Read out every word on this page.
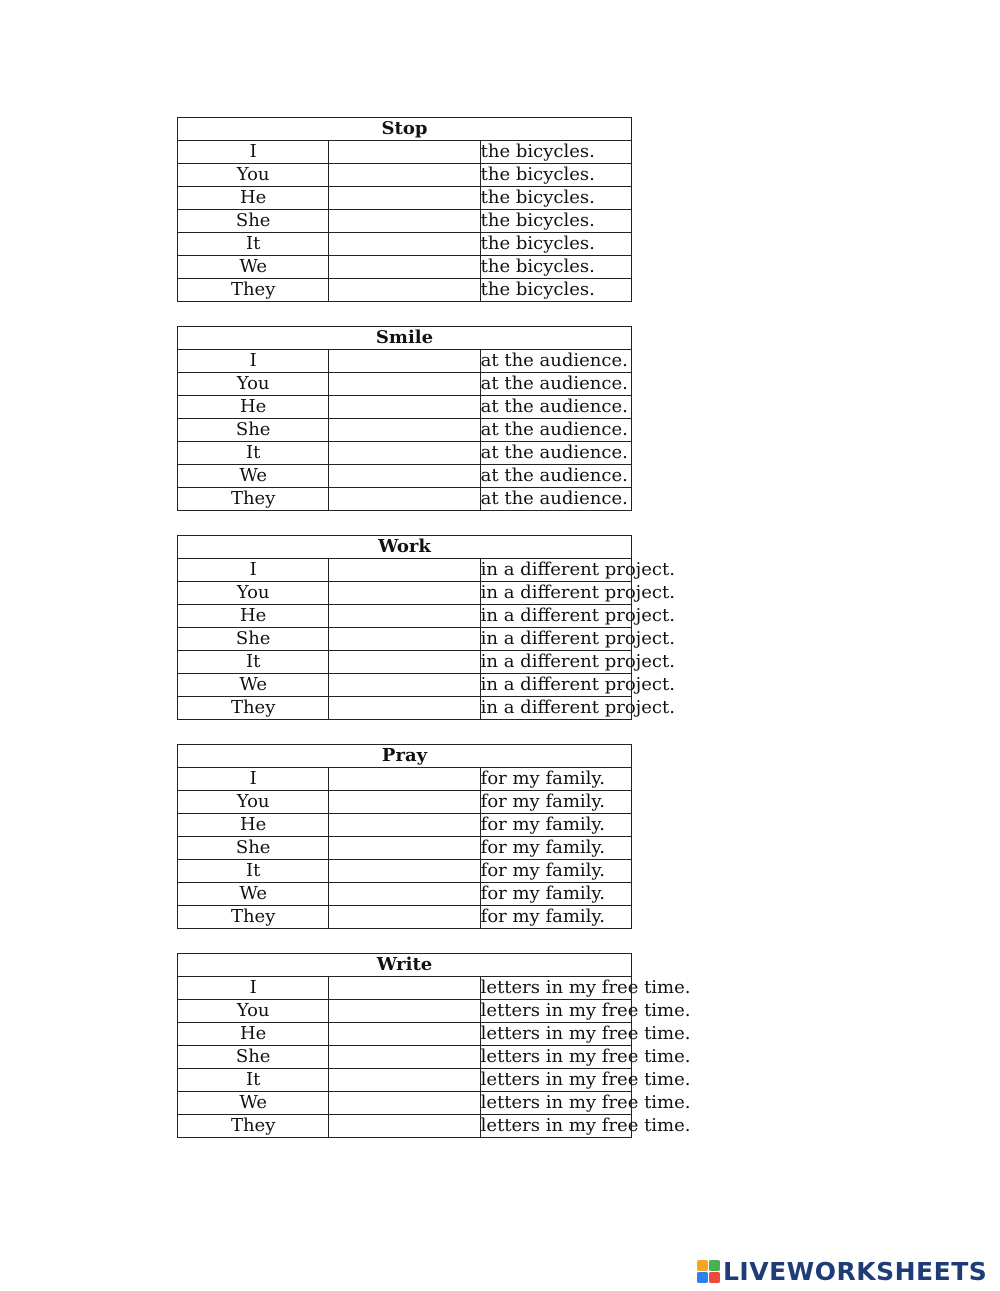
Stop		
I		the bicycles.
You		the bicycles.
He		the bicycles.
She		the bicycles.
It		the bicycles.
We		the bicycles.
They		the bicycles.
Smile		
I		at the audience.
You		at the audience.
He		at the audience.
She		at the audience.
It		at the audience.
We		at the audience.
They		at the audience.
Work		
I		in a different project.
You		in a different project.
He		in a different project.
She		in a different project.
It		in a different project.
We		in a different project.
They		in a different project.
Pray		
I		for my family.
You		for my family.
He		for my family.
She		for my family.
It		for my family.
We		for my family.
They		for my family.
Write		
I		letters in my free time.
You		letters in my free time.
He		letters in my free time.
She		letters in my free time.
It		letters in my free time.
We		letters in my free time.
They		letters in my free time.
LIVEWORKSHEETS
